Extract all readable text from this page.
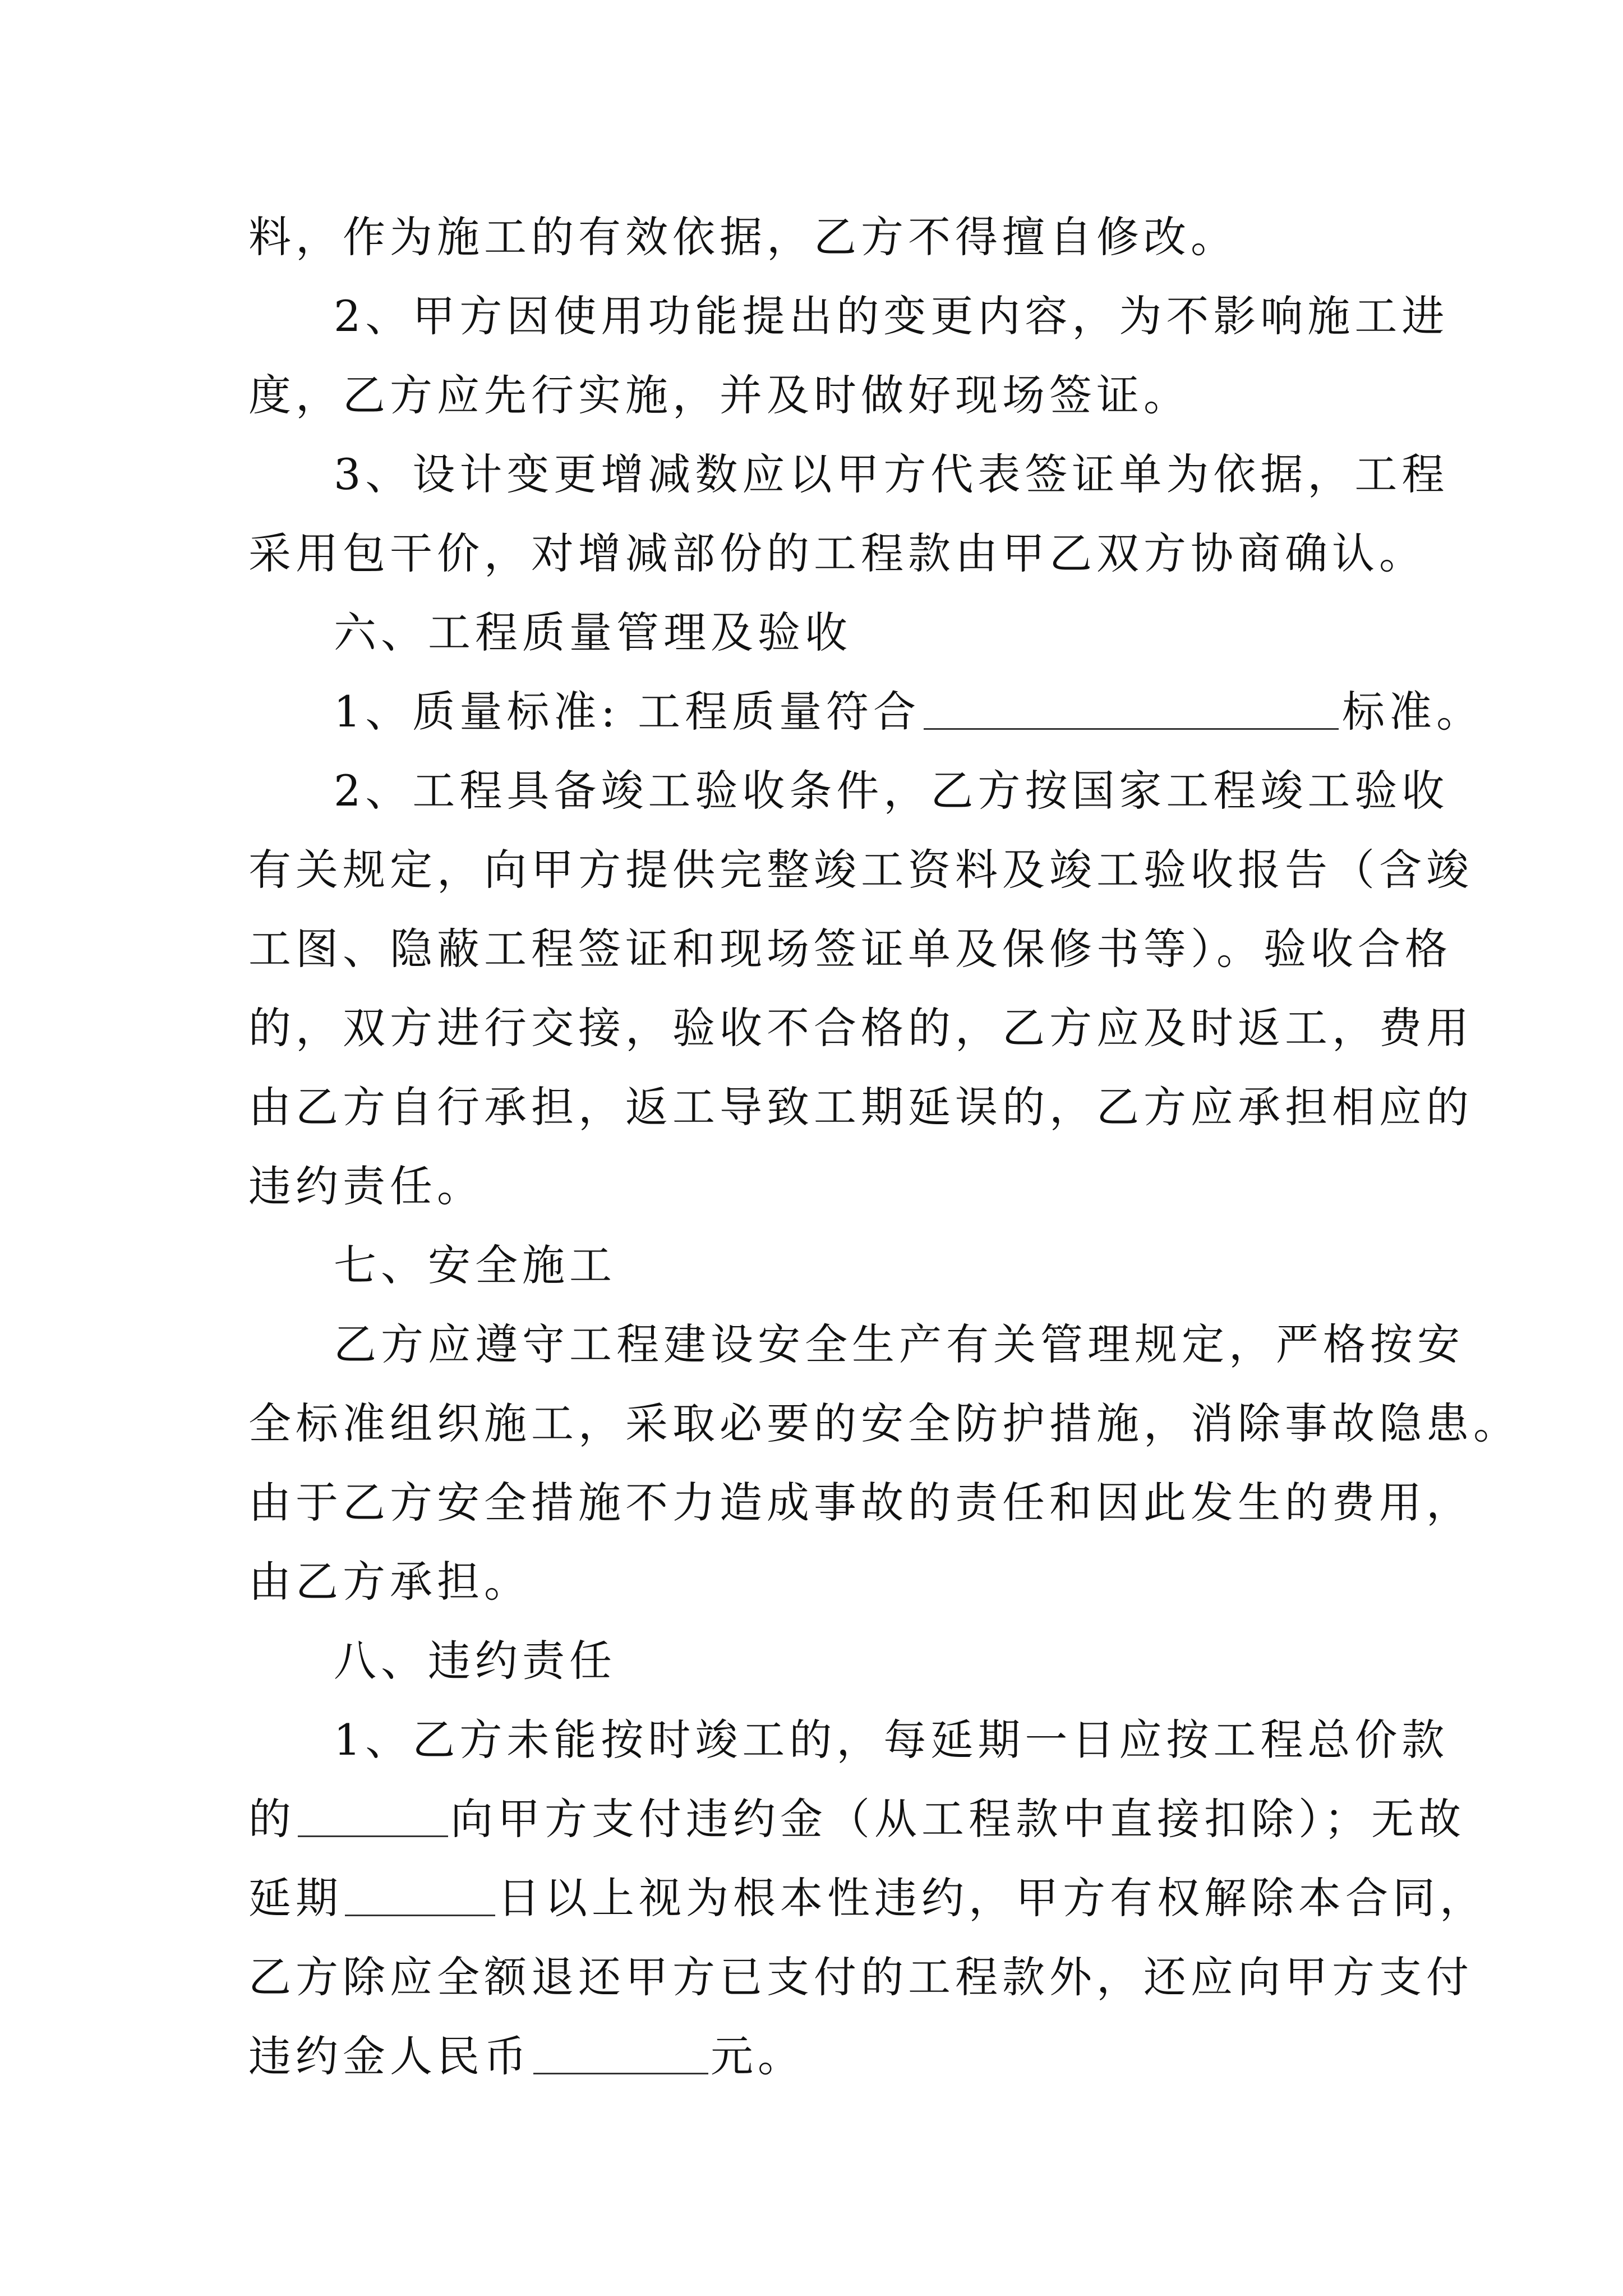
料，作为施工的有效依据，乙方不得擅自修改。
2、甲方因使用功能提出的变更内容，为不影响施工进
度，乙方应先行实施，并及时做好现场签证。
3、设计变更增减数应以甲方代表签证单为依据，工程
采用包干价，对增减部份的工程款由甲乙双方协商确认。
六、工程质量管理及验收
1、质量标准: 工程质量符合	标准。
2、工程具备竣工验收条件，乙方按国家工程竣工验收
有关规定，向甲方提供完整竣工资料及竣工验收报告（含竣
工图、隐蔽工程签证和现场签证单及保修书等）。验收合格
的，双方进行交接，验收不合格的，乙方应及时返工，费用
由乙方自行承担，返工导致工期延误的，乙方应承担相应的
违约责任。
七、安全施工
乙方应遵守工程建设安全生产有关管理规定，严格按安
全标准组织施工，采取必要的安全防护措施，消除事故隐患。
由于乙方安全措施不力造成事故的责任和因此发生的费用，
由乙方承担。
八、违约责任
1、乙方未能按时竣工的，每延期一日应按工程总价款
的	向甲方支付违约金（从工程款中直接扣除）；无故
延期	日以上视为根本性违约，甲方有权解除本合同，
乙方除应全额退还甲方已支付的工程款外，还应向甲方支付
违约金人民币	元。
